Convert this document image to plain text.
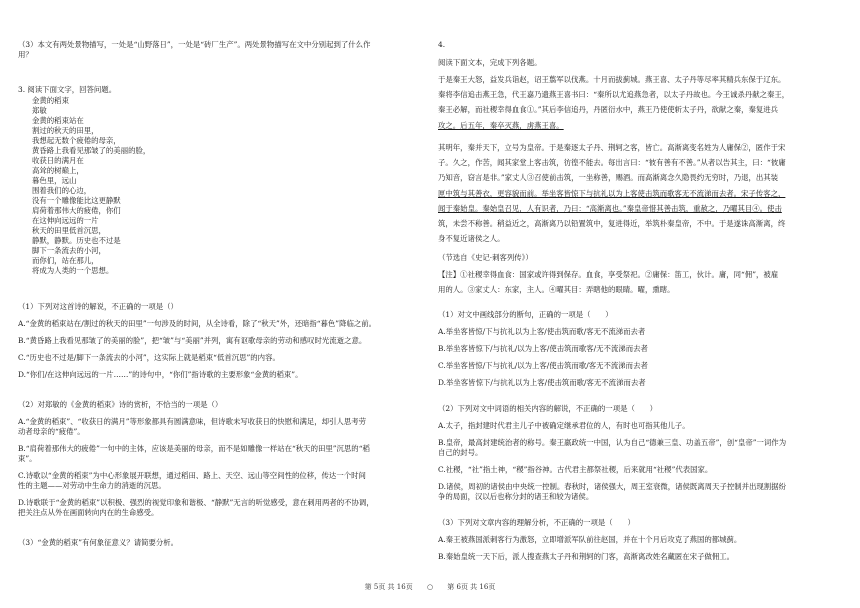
（3）本文有两处景物描写，一处是“山野落日”，一处是“砖厂生产”。两处景物描写在文中分别起到了什么作

用？

3. 阅读下面文字，回答问题。

金黄的稻束

郑敏

金黄的稻束站在

割过的秋天的田里，

我想起无数个疲倦的母亲，

黄昏路上我看见那皱了的美丽的脸，

收获日的满月在

高耸的树巅上，

暮色里，远山

围着我们的心边，

没有一个雕像能比这更静默

肩荷着那伟大的疲倦，你们

在这伸向远远的一片

秋天的田里低首沉思，

静默，静默。历史也不过是

脚下一条流去的小河，

而你们，站在那儿，

将成为人类的一个思想。

（1）下列对这首诗的解说，不正确的一项是（）

A.“金黄的稻束站在/割过的秋天的田里”一句涉及的时间，从全诗看，除了“秋天”外，还暗指“暮色”降临之前。

B.“黄昏路上我看见那皱了的美丽的脸”，把“皱”与“美丽”并列，寓有讴歌母亲的劳动和感叹时光流逝之意。

C.“历史也不过是/脚下一条流去的小河”，这实际上就是稻束“低首沉思”的内容。

D.“你们/在这伸向远远的一片……”的诗句中，“你们”指诗歌的主要形象“金黄的稻束”。

（2）对郑敏的《金黄的稻束》诗的赏析，不恰当的一项是（）

A.“金黄的稻束”、“收获日的满月”等形象都具有圆满意味，但诗歌未写收获日的快慰和满足，却引人思考劳

动者母亲的“疲倦”。

B.“肩荷着那伟大的疲倦”一句中的主体，应该是美丽的母亲，而不是如雕像一样站在“秋天的田里”沉思的“稻

束”。

C.诗歌以“金黄的稻束”为中心形象展开联想，通过稻田、路上、天空、远山等空间性的位移，传达一个时间

性的主题——对劳动中生命力的消逝的沉思。

D.诗歌联于“金黄的稻束”以积极、强烈的视觉印象和谐极、“静默”无言的听觉感受，意在刺用两者的不协调，

把关注点从外在画面转向内在的生命感受。

（3）“金黄的稻束”有何象征意义？请简要分析。

4.

阅读下面文本，完成下列各题。

于是秦王大怒，益发兵诣赵，诏王翦军以伐燕。十月而拔蓟城。燕王喜、太子丹等尽率其精兵东保于辽东。

秦将李信追击燕王急，代王嘉乃遗燕王喜书曰：“秦所以尤追燕急者，以太子丹故也。今王诚杀丹献之秦王，

秦王必解，而社稷幸得血食①。”其后李信追丹，丹匿衍水中，燕王乃使使斩太子丹，欲献之秦，秦复进兵

攻之。后五年，秦卒灭燕，虏燕王喜。

其明年，秦并天下，立号为皇帝。于是秦逐太子丹、荆轲之客，皆亡。高渐离变名姓为人庸保②，匿作于宋

子。久之，作苦，闻其家堂上客击筑，彷徨不能去。每出言曰：“彼有善有不善。”从者以告其主，曰：“彼庸

乃知音，窃言是非。”家丈人③召使前击筑，一坐称善，赐酒。而高渐离念久隐畏约无穷时，乃退，出其装

匣中筑与其善衣，更容貌而前。举坐客皆惊下与抗礼以为上客使击筑而歌客无不流涕而去者。宋子传客之，

闻于秦始皇。秦始皇召见，人有识者，乃曰：“高渐离也。”秦皇帝惜其善击筑，重赦之，乃曜其目④。使击

筑，未尝不称善。稍益近之，高渐离乃以铅置筑中，复进得近，举筑朴秦皇帝，不中。于是遂诛高渐离，终

身不复近诸侯之人。

（节选自《史记·刺客列传》）

【注】①社稷幸得血食：国家或许得到保存。血食，享受祭祀。②庸保：笛工，伙计。庸，同“佣”，被雇

用的人。③家丈人：东家，主人。④曜其目：弄瞎他的眼睛。曜，熏瞎。

（1）对文中画线部分的断句，正确的一项是（　　）

A.举坐客皆惊/下与抗礼以为上客/使击筑而歌/客无不流涕而去者

B.举坐客皆惊下/与抗礼/以为上客/使击筑而歌客/无不流涕而去者

C.举坐客皆惊/下与抗礼/以为上客/使击筑而歌/客无不流涕而去者

D.举坐客皆惊下/与抗礼以为上客/使击筑而歌/客无不流涕而去者

（2）下列对文中词语的相关内容的解说，不正确的一项是（　　）

A.太子，指封建时代君主儿子中被确定继承君位的人，有时也可指其他儿子。

B.皇帝，最高封建统治者的称号。秦王嬴政统一中国，认为自己“德兼三皇、功盖五帝”，创“皇帝”一词作为

自己的封号。

C.社稷，“社”指土神，“稷”指谷神。古代君主都祭社稷，后来就用“社稷”代表国家。

D.诸侯，周初的诸侯由中央统一控制。春秋时，诸侯强大，周王室衰微，诸侯既离周天子控制并出现割据纷

争的局面，汉以后也称分封的诸王和较为诸侯。

（3）下列对文章内容的理解分析，不正确的一项是（　　）

A.秦王被燕国派刺客行为激怒，立即增派军队前往赵国，并在十个月后攻克了燕国的都城蓟。

B.秦始皇统一天下后，派人搜查燕太子丹和荆轲的门客，高渐离改姓名藏匿在宋子做佣工。

第 5页 共 16页 ○ 第 6页 共 16页
